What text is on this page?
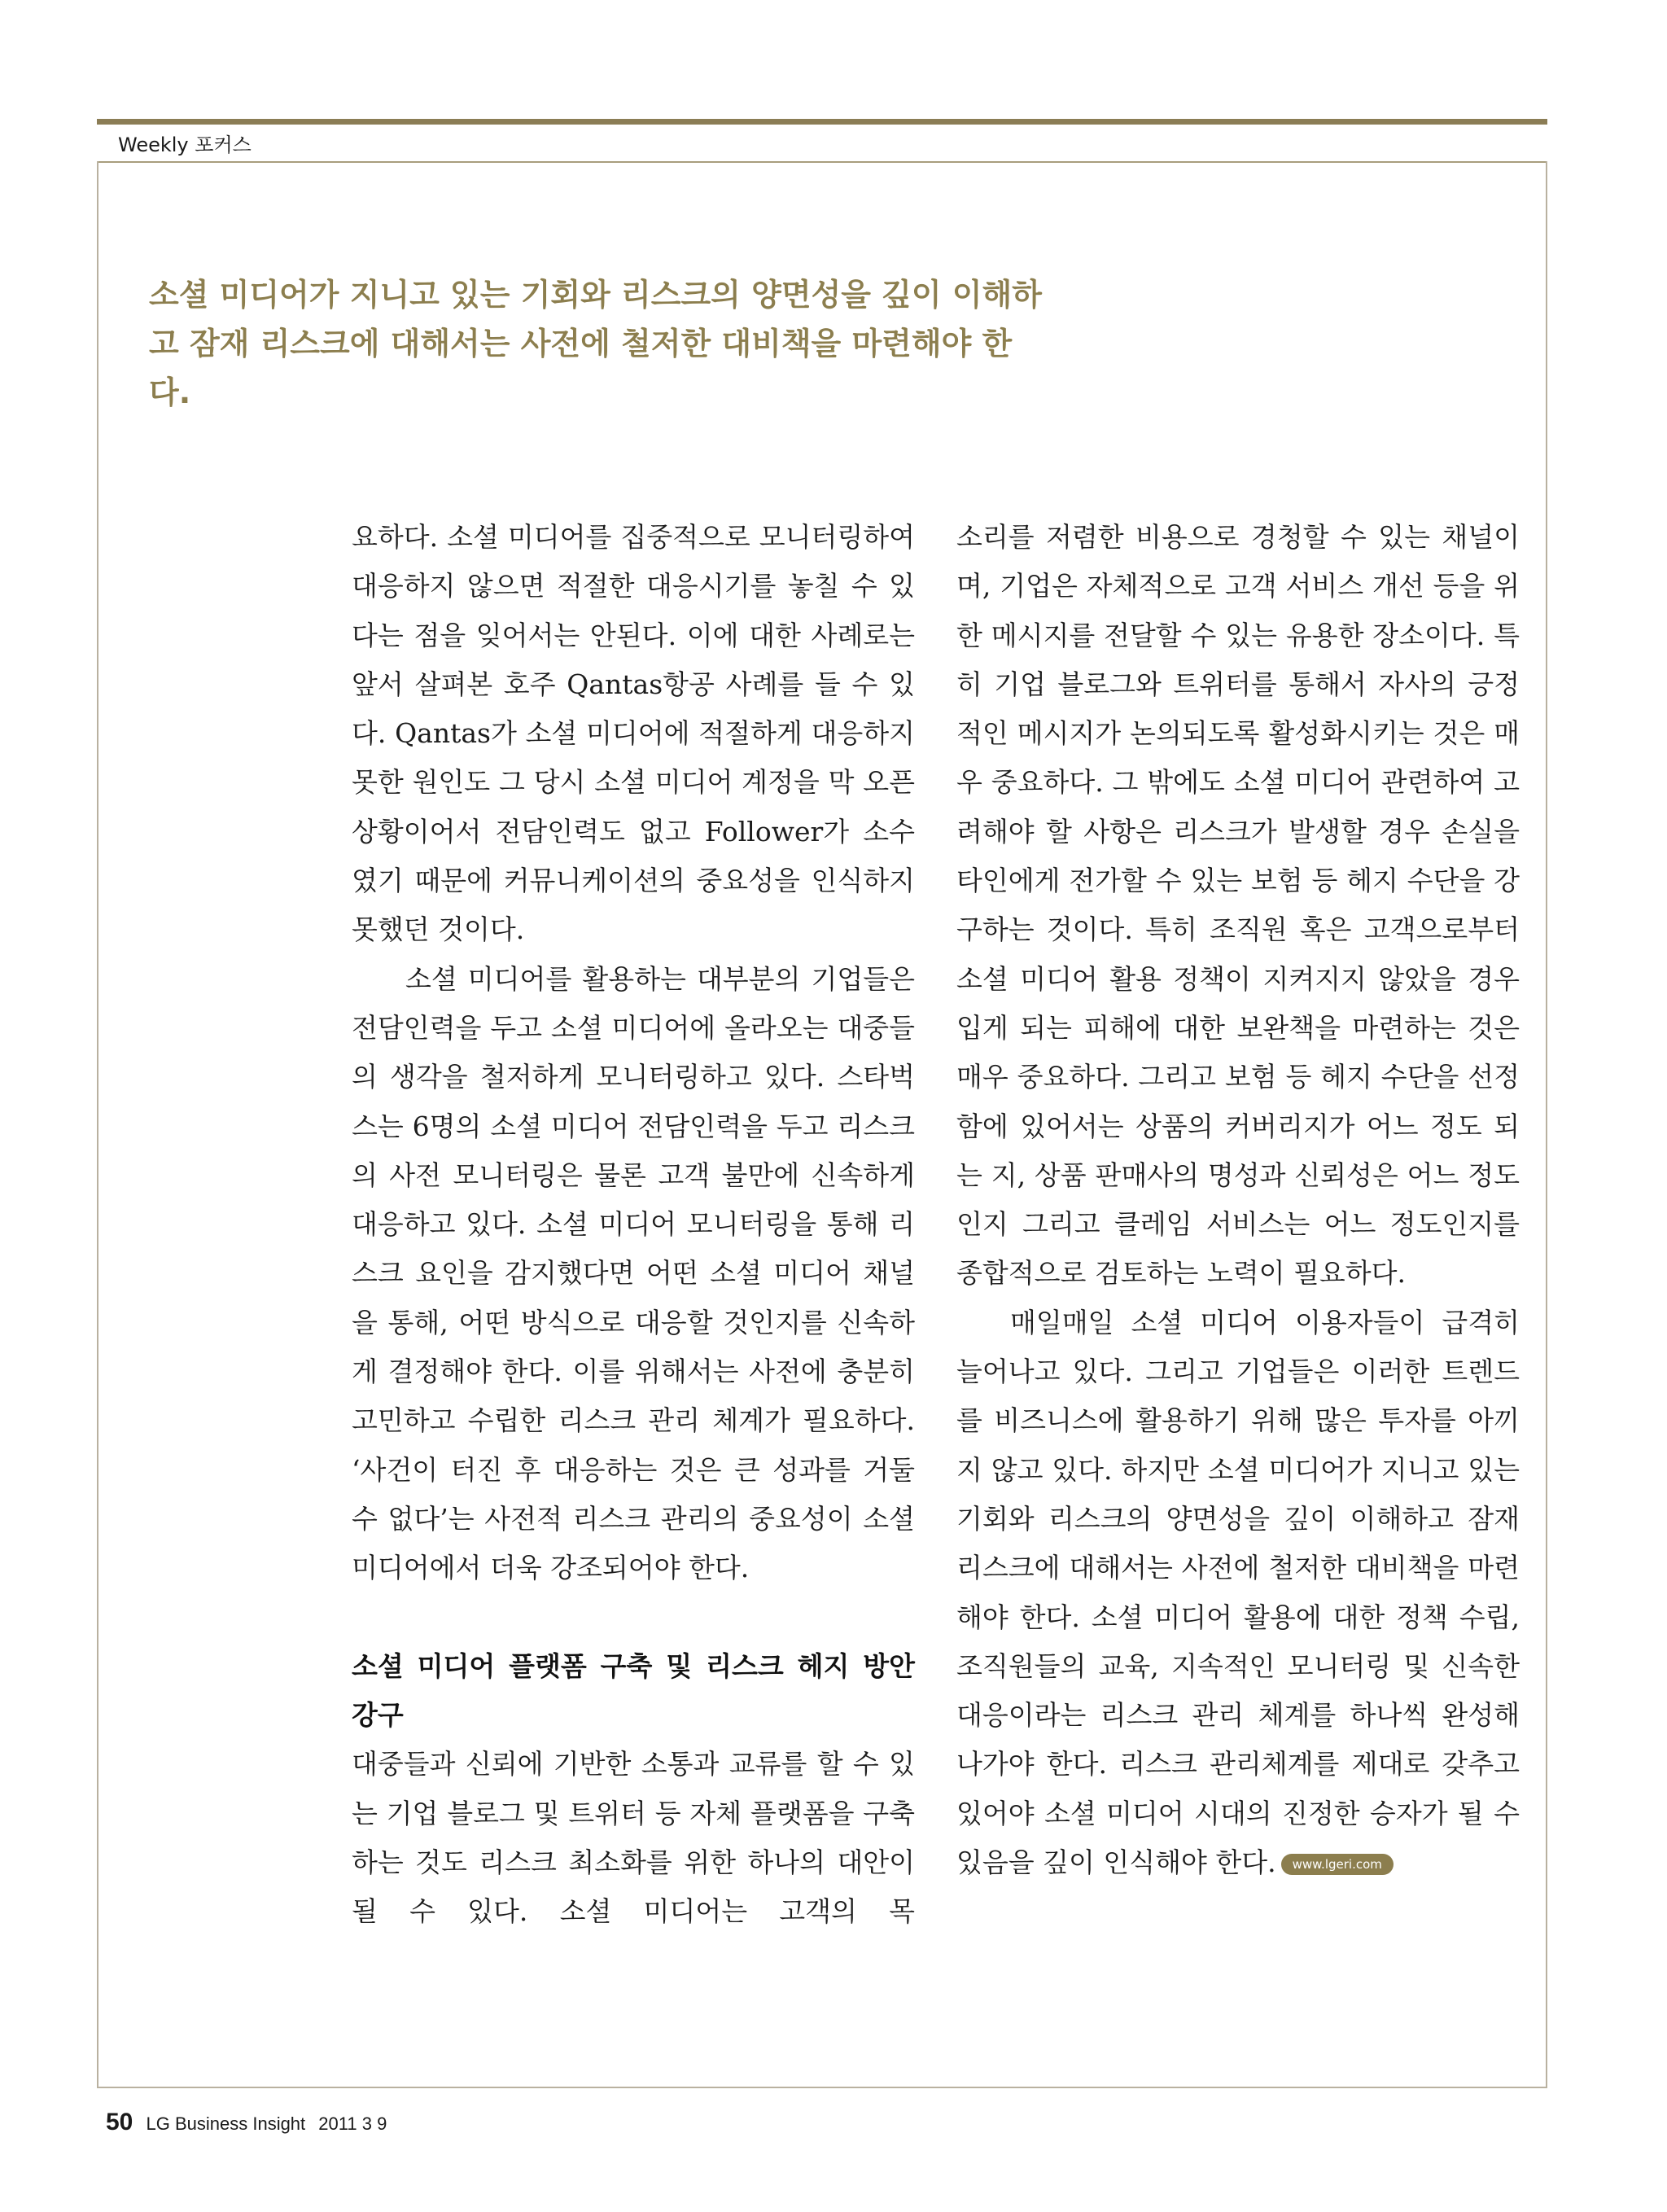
Weekly 포커스
소셜 미디어가 지니고 있는 기회와 리스크의 양면성을 깊이 이해하고 잠재 리스크에 대해서는 사전에 철저한 대비책을 마련해야 한다.

요하다. 소셜 미디어를 집중적으로 모니터링하여 대응하지 않으면 적절한 대응시기를 놓칠 수 있다는 점을 잊어서는 안된다. 이에 대한 사례로는 앞서 살펴본 호주 Qantas항공 사례를 들 수 있다. Qantas가 소셜 미디어에 적절하게 대응하지 못한 원인도 그 당시 소셜 미디어 계정을 막 오픈 상황이어서 전담인력도 없고 Follower가 소수였기 때문에 커뮤니케이션의 중요성을 인식하지 못했던 것이다.

소셜 미디어를 활용하는 대부분의 기업들은 전담인력을 두고 소셜 미디어에 올라오는 대중들의 생각을 철저하게 모니터링하고 있다. 스타벅스는 6명의 소셜 미디어 전담인력을 두고 리스크의 사전 모니터링은 물론 고객 불만에 신속하게 대응하고 있다. 소셜 미디어 모니터링을 통해 리스크 요인을 감지했다면 어떤 소셜 미디어 채널을 통해, 어떤 방식으로 대응할 것인지를 신속하게 결정해야 한다. 이를 위해서는 사전에 충분히 고민하고 수립한 리스크 관리 체계가 필요하다. ‘사건이 터진 후 대응하는 것은 큰 성과를 거둘 수 없다’는 사전적 리스크 관리의 중요성이 소셜 미디어에서 더욱 강조되어야 한다.

소셜 미디어 플랫폼 구축 및 리스크 헤지 방안 강구

대중들과 신뢰에 기반한 소통과 교류를 할 수 있는 기업 블로그 및 트위터 등 자체 플랫폼을 구축하는 것도 리스크 최소화를 위한 하나의 대안이 될 수 있다. 소셜 미디어는 고객의 목

소리를 저렴한 비용으로 경청할 수 있는 채널이며, 기업은 자체적으로 고객 서비스 개선 등을 위한 메시지를 전달할 수 있는 유용한 장소이다. 특히 기업 블로그와 트위터를 통해서 자사의 긍정적인 메시지가 논의되도록 활성화시키는 것은 매우 중요하다. 그 밖에도 소셜 미디어 관련하여 고려해야 할 사항은 리스크가 발생할 경우 손실을 타인에게 전가할 수 있는 보험 등 헤지 수단을 강구하는 것이다. 특히 조직원 혹은 고객으로부터 소셜 미디어 활용 정책이 지켜지지 않았을 경우 입게 되는 피해에 대한 보완책을 마련하는 것은 매우 중요하다. 그리고 보험 등 헤지 수단을 선정함에 있어서는 상품의 커버리지가 어느 정도 되는 지, 상품 판매사의 명성과 신뢰성은 어느 정도인지 그리고 클레임 서비스는 어느 정도인지를 종합적으로 검토하는 노력이 필요하다.

매일매일 소셜 미디어 이용자들이 급격히 늘어나고 있다. 그리고 기업들은 이러한 트렌드를 비즈니스에 활용하기 위해 많은 투자를 아끼지 않고 있다. 하지만 소셜 미디어가 지니고 있는 기회와 리스크의 양면성을 깊이 이해하고 잠재 리스크에 대해서는 사전에 철저한 대비책을 마련해야 한다. 소셜 미디어 활용에 대한 정책 수립, 조직원들의 교육, 지속적인 모니터링 및 신속한 대응이라는 리스크 관리 체계를 하나씩 완성해 나가야 한다. 리스크 관리체계를 제대로 갖추고 있어야 소셜 미디어 시대의 진정한 승자가 될 수 있음을 깊이 인식해야 한다. www.lgeri.com

50 LG Business Insight 2011 3 9
